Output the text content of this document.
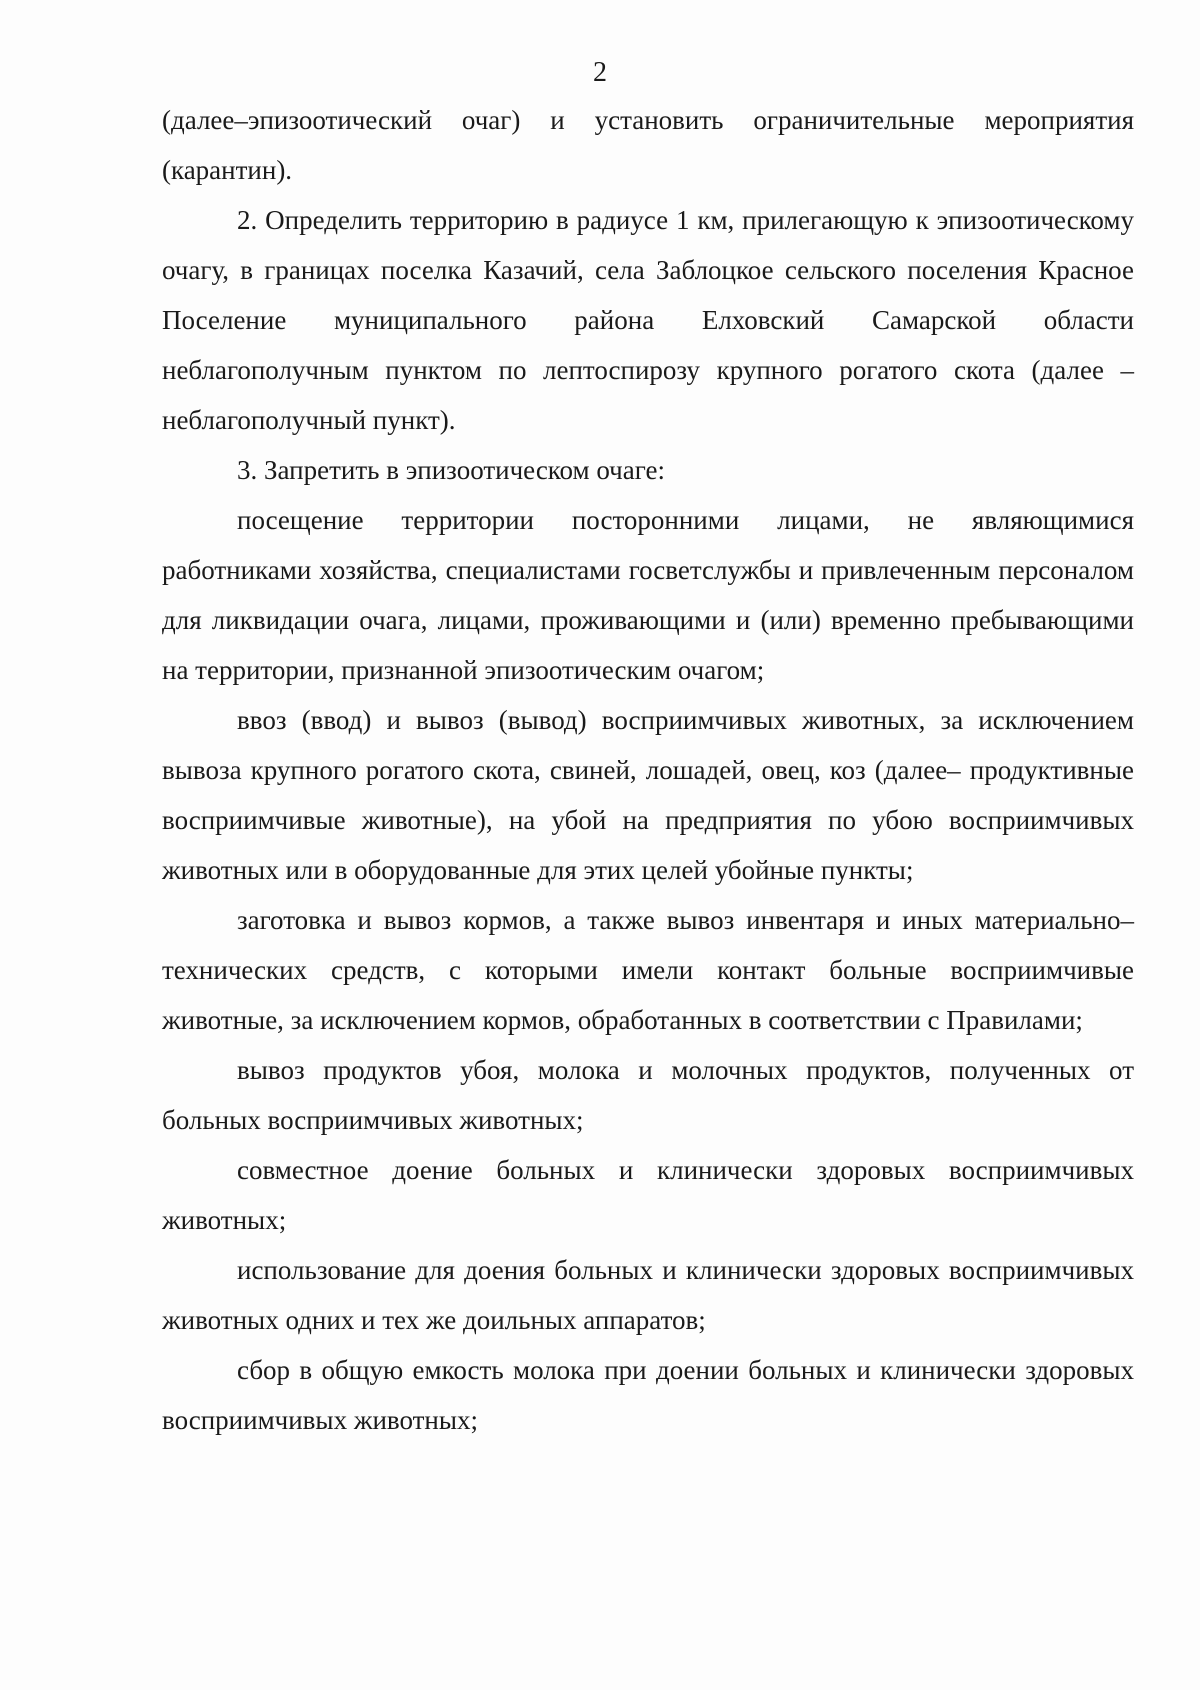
2

(далее–эпизоотический очаг) и установить ограничительные мероприятия (карантин).

2. Определить территорию в радиусе 1 км, прилегающую к эпизоотическому очагу, в границах поселка Казачий, села Заблоцкое сельского поселения Красное Поселение муниципального района Елховский Самарской области неблагополучным пунктом по лептоспирозу крупного рогатого скота (далее – неблагополучный пункт).

3. Запретить в эпизоотическом очаге:

посещение территории посторонними лицами, не являющимися работниками хозяйства, специалистами госветслужбы и привлеченным персоналом для ликвидации очага, лицами, проживающими и (или) временно пребывающими на территории, признанной эпизоотическим очагом;

ввоз (ввод) и вывоз (вывод) восприимчивых животных, за исключением вывоза крупного рогатого скота, свиней, лошадей, овец, коз (далее– продуктивные восприимчивые животные), на убой на предприятия по убою восприимчивых животных или в оборудованные для этих целей убойные пункты;

заготовка и вывоз кормов, а также вывоз инвентаря и иных материально–технических средств, с которыми имели контакт больные восприимчивые животные, за исключением кормов, обработанных в соответствии с Правилами;

вывоз продуктов убоя, молока и молочных продуктов, полученных от больных восприимчивых животных;

совместное доение больных и клинически здоровых восприимчивых животных;

использование для доения больных и клинически здоровых восприимчивых животных одних и тех же доильных аппаратов;

сбор в общую емкость молока при доении больных и клинически здоровых восприимчивых животных;
